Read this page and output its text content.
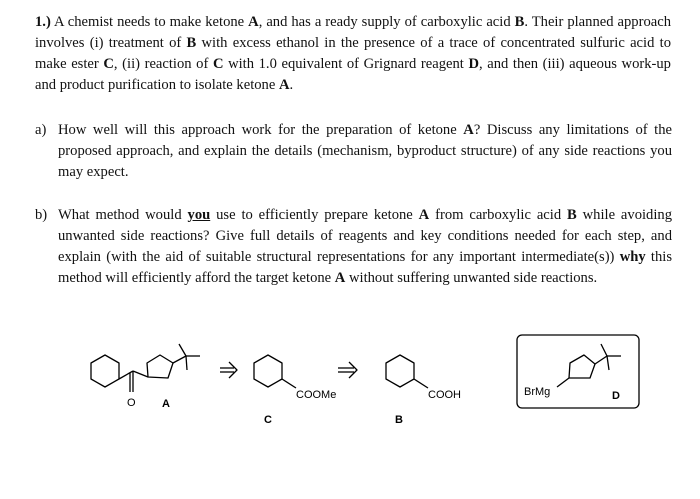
1.) A chemist needs to make ketone A, and has a ready supply of carboxylic acid B. Their planned approach involves (i) treatment of B with excess ethanol in the presence of a trace of concentrated sulfuric acid to make ester C, (ii) reaction of C with 1.0 equivalent of Grignard reagent D, and then (iii) aqueous work-up and product purification to isolate ketone A.
a) How well will this approach work for the preparation of ketone A? Discuss any limitations of the proposed approach, and explain the details (mechanism, byproduct structure) of any side reactions you may expect.
b) What method would you use to efficiently prepare ketone A from carboxylic acid B while avoiding unwanted side reactions? Give full details of reagents and key conditions needed for each step, and explain (with the aid of suitable structural representations for any important intermediate(s)) why this method will efficiently afford the target ketone A without suffering unwanted side reactions.
O A
COOMe
C
COOH
B
BrMg	D
